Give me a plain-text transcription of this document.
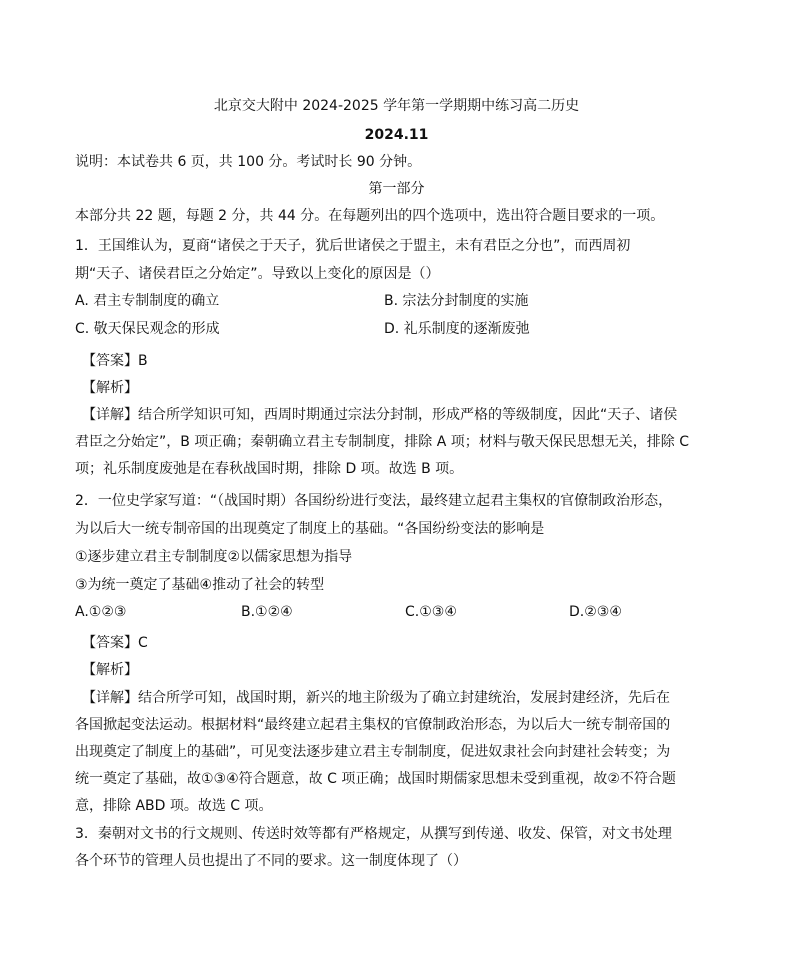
北京交大附中 2024-2025 学年第一学期期中练习高二历史
2024.11
说明：本试卷共 6 页，共 100 分。考试时长 90 分钟。
第一部分
本部分共 22 题，每题 2 分，共 44 分。在每题列出的四个选项中，选出符合题目要求的一项。
1．王国维认为，夏商“诸侯之于天子，犹后世诸侯之于盟主，未有君臣之分也”，而西周初
期“天子、诸侯君臣之分始定”。导致以上变化的原因是（）
A. 君主专制制度的确立	B. 宗法分封制度的实施
C. 敬天保民观念的形成	D. 礼乐制度的逐渐废弛
【答案】B
【解析】
【详解】结合所学知识可知，西周时期通过宗法分封制，形成严格的等级制度，因此“天子、诸侯
君臣之分始定”，B 项正确；秦朝确立君主专制制度，排除 A 项；材料与敬天保民思想无关，排除 C
项；礼乐制度废弛是在春秋战国时期，排除 D 项。故选 B 项。
2．一位史学家写道：“（战国时期）各国纷纷进行变法，最终建立起君主集权的官僚制政治形态，
为以后大一统专制帝国的出现奠定了制度上的基础。“各国纷纷变法的影响是
①逐步建立君主专制制度②以儒家思想为指导
③为统一奠定了基础④推动了社会的转型
A.①②③	B.①②④	C.①③④	D.②③④
【答案】C
【解析】
【详解】结合所学可知，战国时期，新兴的地主阶级为了确立封建统治，发展封建经济，先后在
各国掀起变法运动。根据材料“最终建立起君主集权的官僚制政治形态，为以后大一统专制帝国的
出现奠定了制度上的基础”，可见变法逐步建立君主专制制度，促进奴隶社会向封建社会转变；为
统一奠定了基础，故①③④符合题意，故 C 项正确；战国时期儒家思想未受到重视，故②不符合题
意，排除 ABD 项。故选 C 项。
3．秦朝对文书的行文规则、传送时效等都有严格规定，从撰写到传递、收发、保管，对文书处理
各个环节的管理人员也提出了不同的要求。这一制度体现了（）
